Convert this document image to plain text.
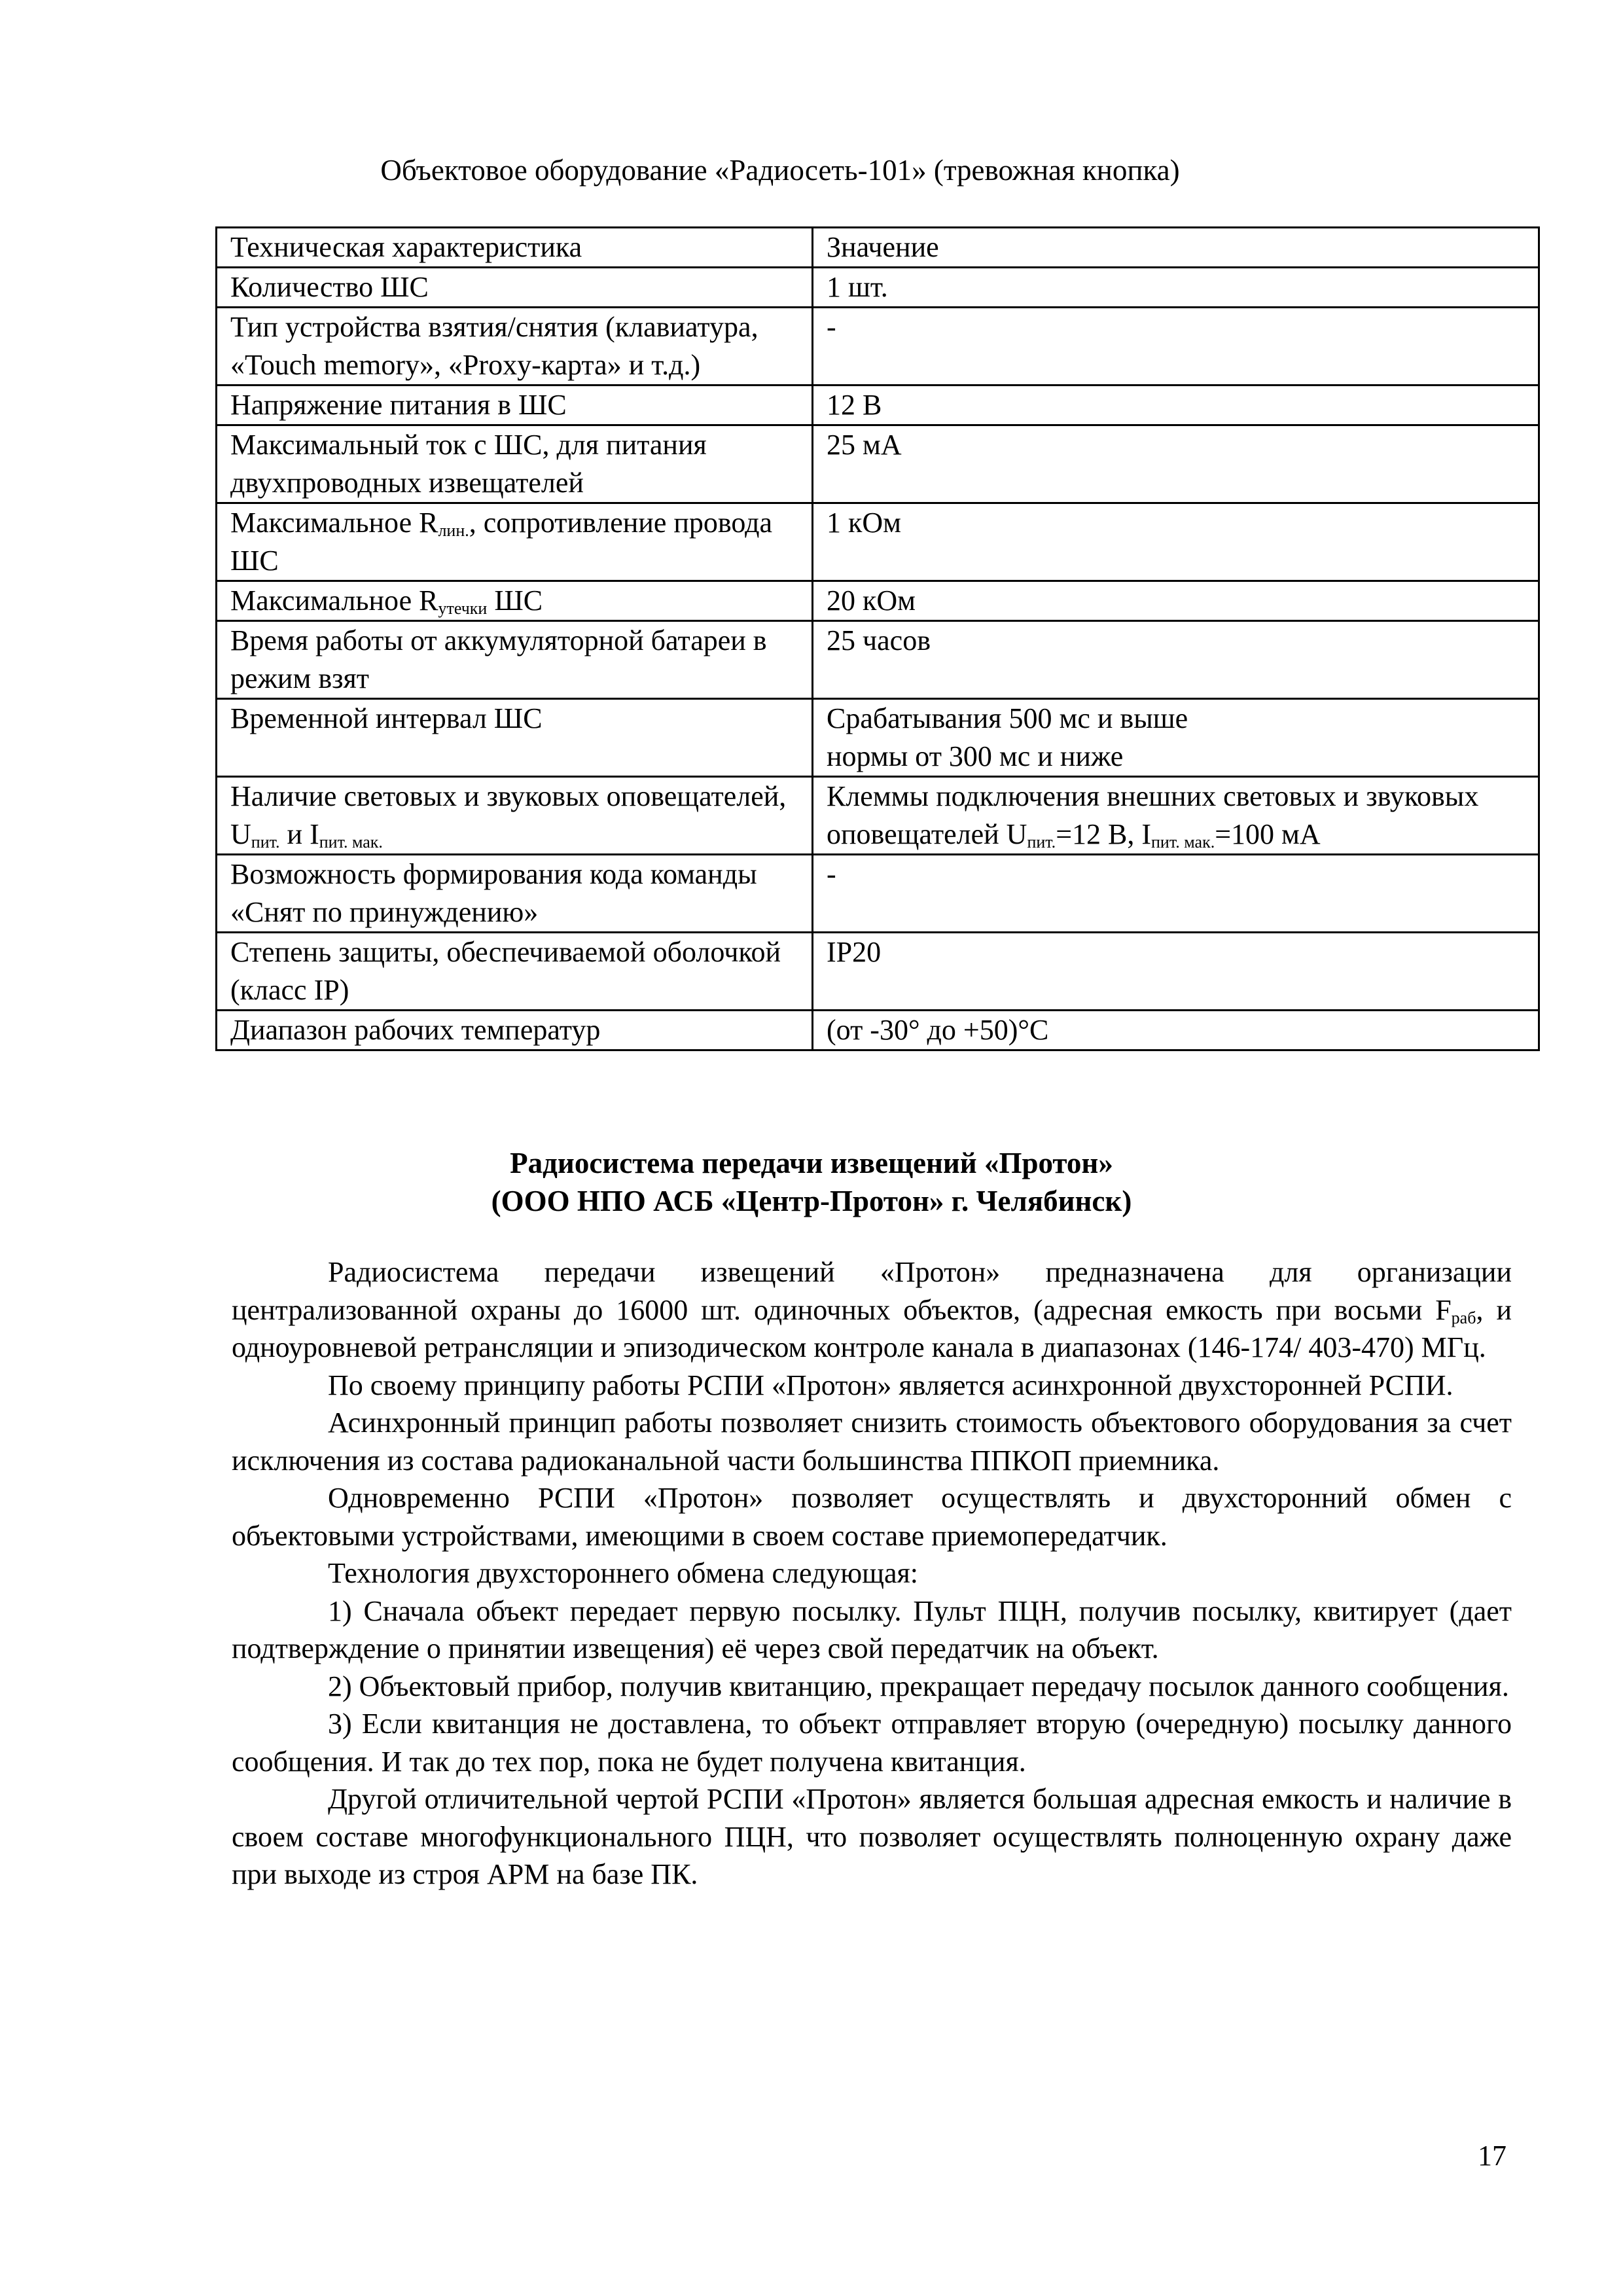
Объектовое оборудование «Радиосеть-101» (тревожная кнопка)
Техническая характеристика	Значение
Количество ШС	1 шт.
Тип устройства взятия/снятия (клавиатура, «Touch memory», «Proxy-карта» и т.д.)	-
Напряжение питания в ШС	12 В
Максимальный ток с ШС, для питания двухпроводных извещателей	25 мА
Максимальное $R_{лин.}$, сопротивление провода ШС	1 кОм
Максимальное $R_{утечки}$ ШС	20 кОм
Время работы от аккумуляторной батареи в режим взят	25 часов
Временной интервал ШС	Срабатывания 500 мс и выше
нормы от 300 мс и ниже

Наличие световых и звуковых оповещателей, $U_{пит.}$ и $I_{пит. мак.}$	Клеммы подключения внешних световых и звуковых оповещателей $U_{пит.}=12$ В, $I_{пит. мак.}=100$ мА
Возможность формирования кода команды «Снят по принуждению»	-
Степень защиты, обеспечиваемой оболочкой (класс IP)	IP20
Диапазон рабочих температур	(от -30° до +50)°С
Радиосистема передачи извещений «Протон»
(ООО НПО АСБ «Центр-Протон» г. Челябинск)

Радиосистема передачи извещений «Протон» предназначена для организации централизованной охраны до 16000 шт. одиночных объектов, (адресная емкость при восьми $F_{раб}$, и одноуровневой ретрансляции и эпизодическом контроле канала в диапазонах (146-174/ 403-470) МГц.

По своему принципу работы РСПИ «Протон» является асинхронной двухсторонней РСПИ.

Асинхронный принцип работы позволяет снизить стоимость объектового оборудования за счет исключения из состава радиоканальной части большинства ППКОП приемника.

Одновременно РСПИ «Протон» позволяет осуществлять и двухсторонний обмен с объектовыми устройствами, имеющими в своем составе приемопередатчик.

Технология двухстороннего обмена следующая:

1) Сначала объект передает первую посылку. Пульт ПЦН, получив посылку, квитирует (дает подтверждение о принятии извещения) её через свой передатчик на объект.

2) Объектовый прибор, получив квитанцию, прекращает передачу посылок данного сообщения.

3) Если квитанция не доставлена, то объект отправляет вторую (очередную) посылку данного сообщения. И так до тех пор, пока не будет получена квитанция.

Другой отличительной чертой РСПИ «Протон» является большая адресная емкость и наличие в своем составе многофункционального ПЦН, что позволяет осуществлять полноценную охрану даже при выходе из строя АРМ на базе ПК.

17
